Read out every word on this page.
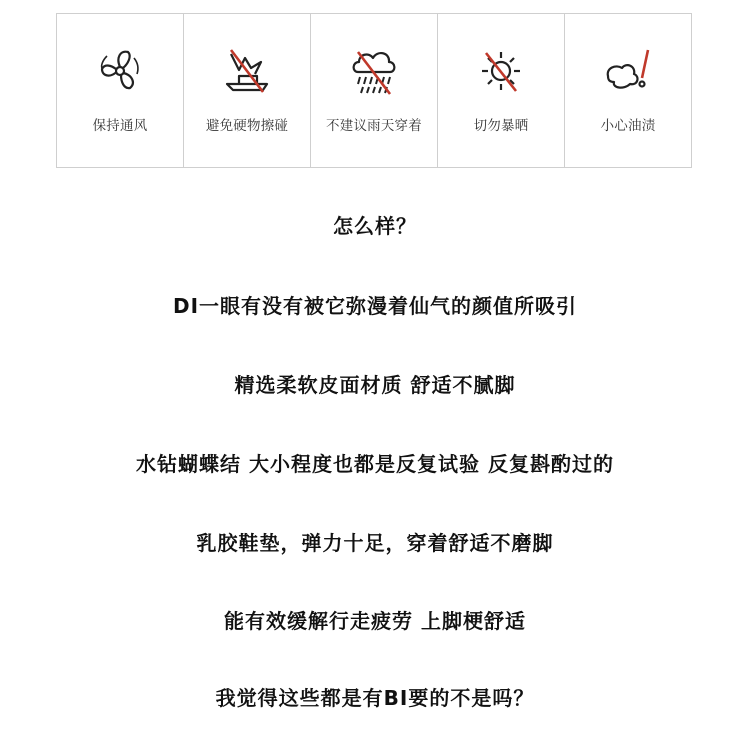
保持通风	避免硬物擦碰	不建议雨天穿着	切勿暴晒	小心油渍
怎么样？
DI一眼有没有被它弥漫着仙气的颜值所吸引
精选柔软皮面材质 舒适不腻脚
水钻蝴蝶结 大小程度也都是反复试验 反复斟酌过的
乳胶鞋垫，弹力十足，穿着舒适不磨脚
能有效缓解行走疲劳 上脚梗舒适
我觉得这些都是有BI要的不是吗？
